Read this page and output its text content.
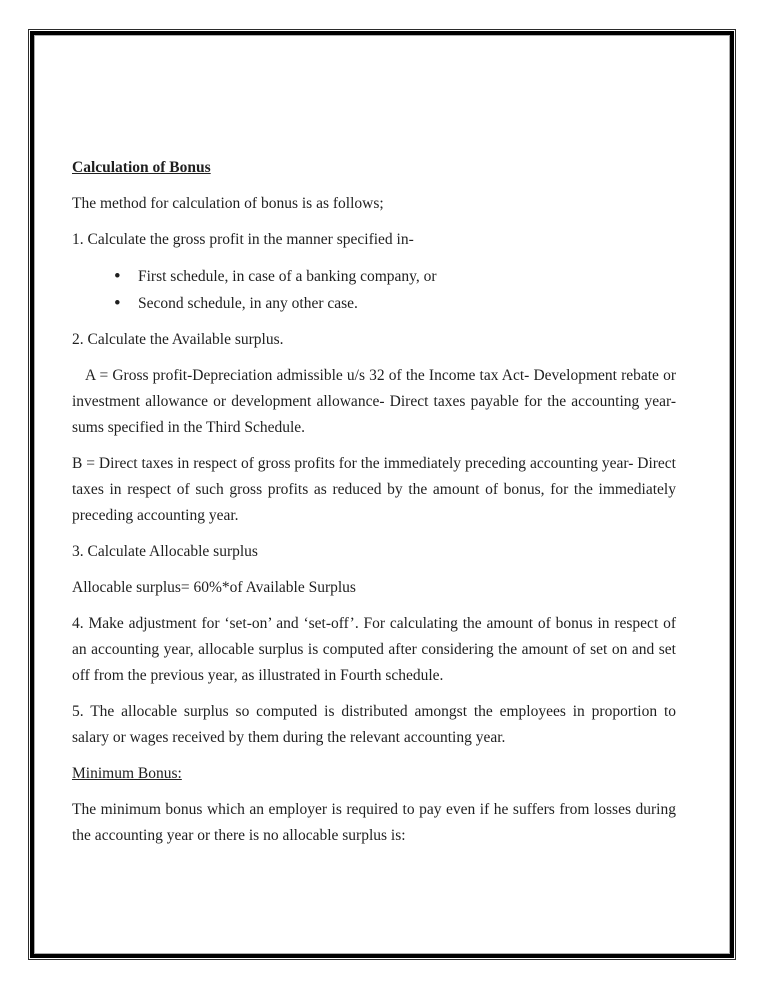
Calculation of Bonus

The method for calculation of bonus is as follows;

1. Calculate the gross profit in the manner specified in-

• First schedule, in case of a banking company, or
• Second schedule, in any other case.

2. Calculate the Available surplus.

A = Gross profit-Depreciation admissible u/s 32 of the Income tax Act- Development rebate or investment allowance or development allowance- Direct taxes payable for the accounting year-sums specified in the Third Schedule.

B = Direct taxes in respect of gross profits for the immediately preceding accounting year- Direct taxes in respect of such gross profits as reduced by the amount of bonus, for the immediately preceding accounting year.

3. Calculate Allocable surplus

Allocable surplus= 60%*of Available Surplus

4. Make adjustment for ‘set-on’ and ‘set-off’. For calculating the amount of bonus in respect of an accounting year, allocable surplus is computed after considering the amount of set on and set off from the previous year, as illustrated in Fourth schedule.

5. The allocable surplus so computed is distributed amongst the employees in proportion to salary or wages received by them during the relevant accounting year.

Minimum Bonus:

The minimum bonus which an employer is required to pay even if he suffers from losses during the accounting year or there is no allocable surplus is:
